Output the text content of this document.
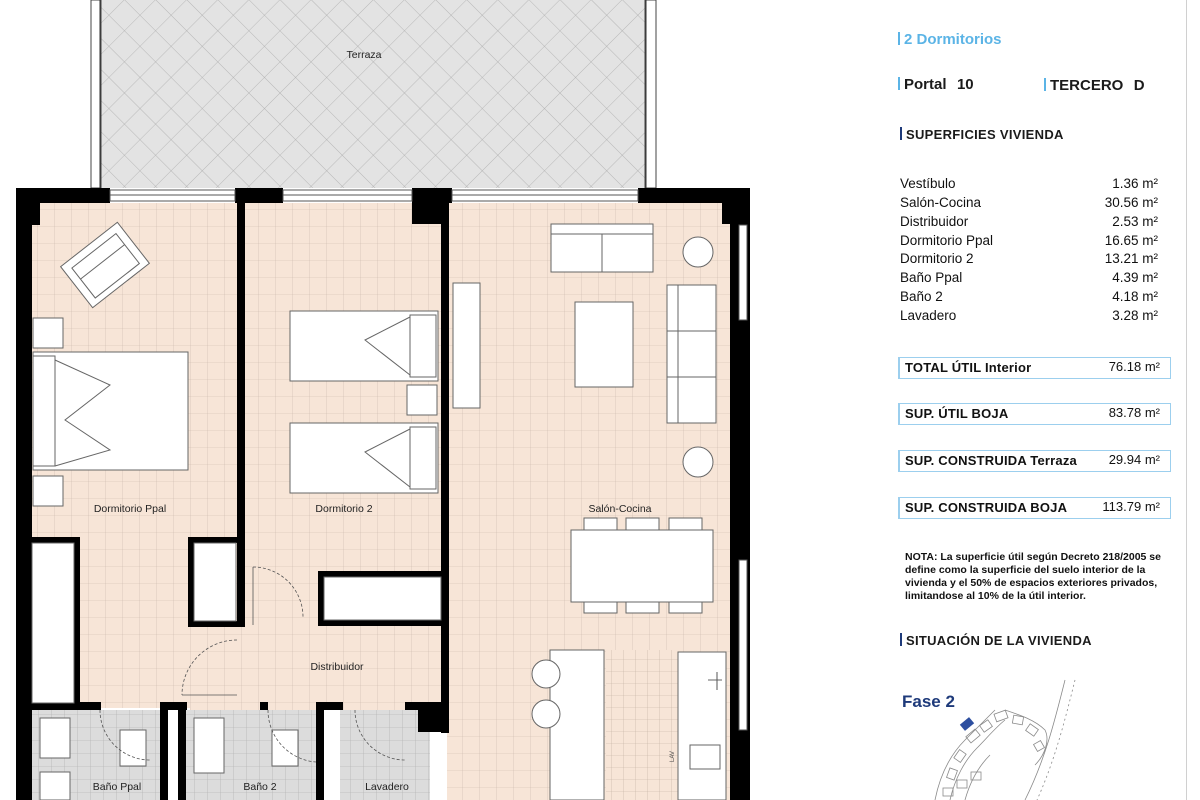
Terraza
Dormitorio Ppal	Dormitorio 2	Salón-Cocina
Distribuidor
Baño Ppal	Baño 2	Lavadero
LAV
2 Dormitorios
Portal 10	TERCERO D
SUPERFICIES VIVIENDA
Vestíbulo	1.36 m²
Salón-Cocina	30.56 m²
Distribuidor	2.53 m²
Dormitorio Ppal	16.65 m²
Dormitorio 2	13.21 m²
Baño Ppal	4.39 m²
Baño 2	4.18 m²
Lavadero	3.28 m²
TOTAL ÚTIL Interior	76.18 m²
SUP. ÚTIL BOJA	83.78 m²
SUP. CONSTRUIDA Terraza 29.94 m²
SUP. CONSTRUIDA BOJA	113.79 m²
NOTA: La superficie útil según Decreto 218/2005 se define como la superficie del suelo interior de la vivienda y el 50% de espacios exteriores privados, limitandose al 10% de la útil interior.
SITUACIÓN DE LA VIVIENDA
Fase 2
